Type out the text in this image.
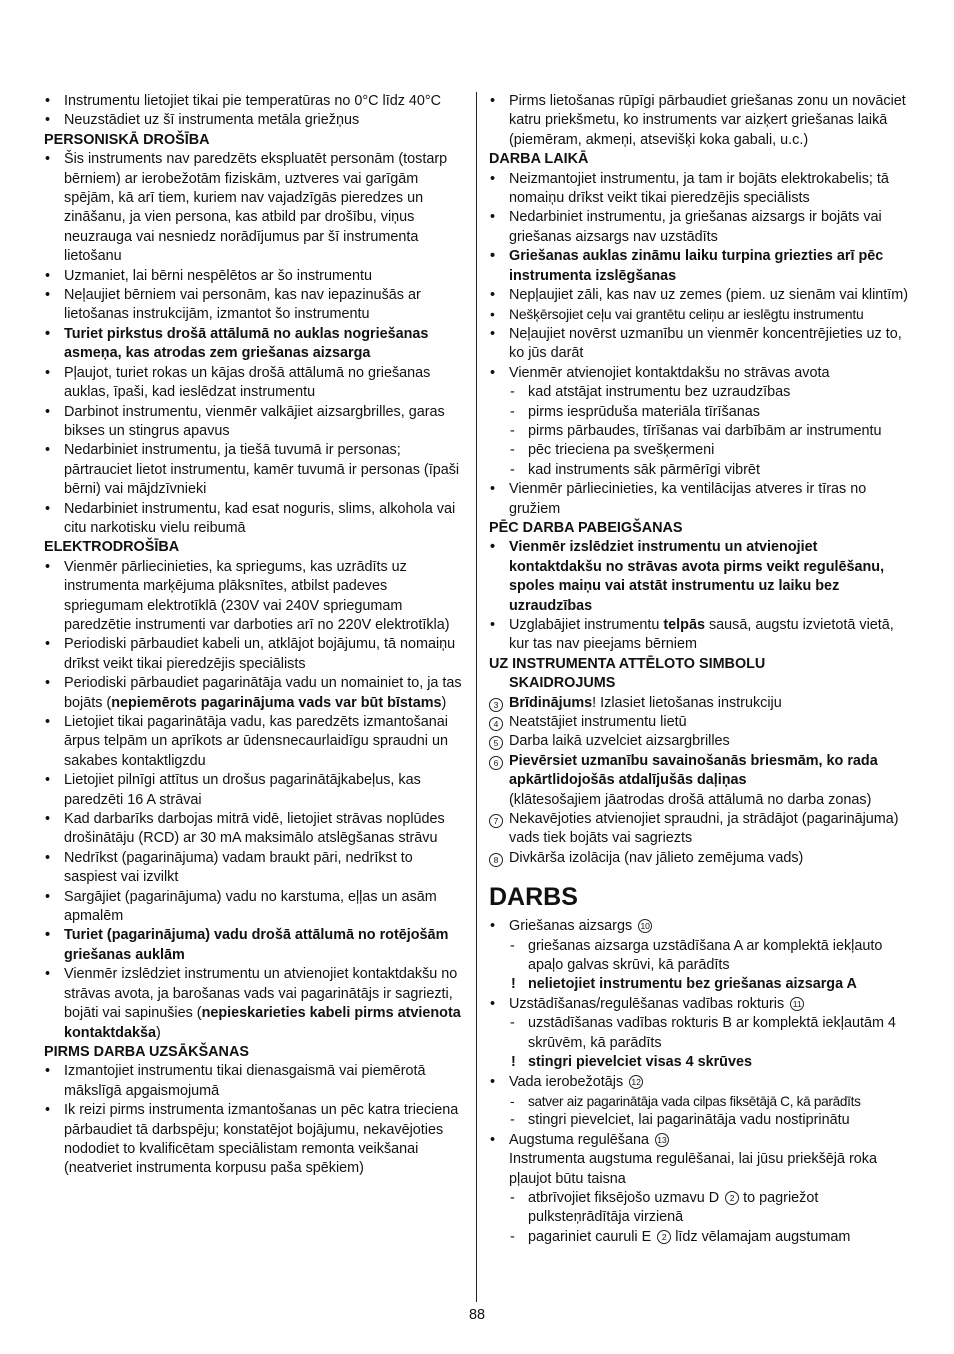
• Instrumentu lietojiet tikai pie temperatūras no 0°C līdz 40°C
• Neuzstādiet uz šī instrumenta metāla griežņus
PERSONISKĀ DROŠĪBA
• Šis instruments nav paredzēts ekspluatēt personām (tostarp bērniem) ar ierobežotām fiziskām, uztveres vai garīgām spējām, kā arī tiem, kuriem nav vajadzīgās pieredzes un zināšanu, ja vien persona, kas atbild par drošību, viņus neuzrauga vai nesniedz norādījumus par šī instrumenta lietošanu
• Uzmaniet, lai bērni nespēlētos ar šo instrumentu
• Neļaujiet bērniem vai personām, kas nav iepazinušās ar lietošanas instrukcijām, izmantot šo instrumentu
• Turiet pirkstus drošā attālumā no auklas nogriešanas asmeņa, kas atrodas zem griešanas aizsarga
• Pļaujot, turiet rokas un kājas drošā attālumā no griešanas auklas, īpaši, kad ieslēdzat instrumentu
• Darbinot instrumentu, vienmēr valkājiet aizsargbrilles, garas bikses un stingrus apavus
• Nedarbiniet instrumentu, ja tiešā tuvumā ir personas; pārtrauciet lietot instrumentu, kamēr tuvumā ir personas (īpaši bērni) vai mājdzīvnieki
• Nedarbiniet instrumentu, kad esat noguris, slims, alkohola vai citu narkotisku vielu reibumā
ELEKTRODROŠĪBA
• Vienmēr pārliecinieties, ka spriegums, kas uzrādīts uz instrumenta marķējuma plāksnītes, atbilst padeves spriegumam elektrotīklā (230V vai 240V spriegumam paredzētie instrumenti var darboties arī no 220V elektrotīkla)
• Periodiski pārbaudiet kabeli un, atklājot bojājumu, tā nomaiņu drīkst veikt tikai pieredzējis speciālists
• Periodiski pārbaudiet pagarinātāja vadu un nomainiet to, ja tas bojāts (nepiemērots pagarinājuma vads var būt bīstams)
• Lietojiet tikai pagarinātāja vadu, kas paredzēts izmantošanai ārpus telpām un aprīkots ar ūdensnecaurlaidīgu spraudni un sakabes kontaktligzdu
• Lietojiet pilnīgi attītus un drošus pagarinātājkabeļus, kas paredzēti 16 A strāvai
• Kad darbarīks darbojas mitrā vidē, lietojiet strāvas noplūdes drošinātāju (RCD) ar 30 mA maksimālo atslēgšanas strāvu
• Nedrīkst (pagarinājuma) vadam braukt pāri, nedrīkst to saspiest vai izvilkt
• Sargājiet (pagarinājuma) vadu no karstuma, eļļas un asām apmalēm
• Turiet (pagarinājuma) vadu drošā attālumā no rotējošām griešanas auklām
• Vienmēr izslēdziet instrumentu un atvienojiet kontaktdakšu no strāvas avota, ja barošanas vads vai pagarinātājs ir sagriezti, bojāti vai sapinušies (nepieskarieties kabeli pirms atvienota kontaktdakša)
PIRMS DARBA UZSĀKŠANAS
• Izmantojiet instrumentu tikai dienasgaismā vai piemērotā mākslīgā apgaismojumā
• Ik reizi pirms instrumenta izmantošanas un pēc katra trieciena pārbaudiet tā darbspēju; konstatējot bojājumu, nekavējoties nododiet to kvalificētam speciālistam remonta veikšanai (neatveriet instrumenta korpusu paša spēkiem)
• Pirms lietošanas rūpīgi pārbaudiet griešanas zonu un novāciet katru priekšmetu, ko instruments var aizķert griešanas laikā (piemēram, akmeņi, atsevišķi koka gabali, u.c.)
DARBA LAIKĀ
• Neizmantojiet instrumentu, ja tam ir bojāts elektrokabelis; tā nomaiņu drīkst veikt tikai pieredzējis speciālists
• Nedarbiniet instrumentu, ja griešanas aizsargs ir bojāts vai griešanas aizsargs nav uzstādīts
• Griešanas auklas zināmu laiku turpina griezties arī pēc instrumenta izslēgšanas
• Nepļaujiet zāli, kas nav uz zemes (piem. uz sienām vai klintīm)
• Nešķērsojiet ceļu vai grantētu celiņu ar ieslēgtu instrumentu
• Neļaujiet novērst uzmanību un vienmēr koncentrējieties uz to, ko jūs darāt
• Vienmēr atvienojiet kontaktdakšu no strāvas avota
- kad atstājat instrumentu bez uzraudzības
- pirms iesprūduša materiāla tīrīšanas
- pirms pārbaudes, tīrīšanas vai darbībām ar instrumentu
- pēc trieciena pa svešķermeni
- kad instruments sāk pārmērīgi vibrēt
• Vienmēr pārliecinieties, ka ventilācijas atveres ir tīras no gružiem
PĒC DARBA PABEIGŠANAS
• Vienmēr izslēdziet instrumentu un atvienojiet kontaktdakšu no strāvas avota pirms veikt regulēšanu, spoles maiņu vai atstāt instrumentu uz laiku bez uzraudzības
• Uzglabājiet instrumentu telpās sausā, augstu izvietotā vietā, kur tas nav pieejams bērniem
UZ INSTRUMENTA ATTĒLOTO SIMBOLU
SKAIDROJUMS
3 Brīdinājums! Izlasiet lietošanas instrukciju
4 Neatstājiet instrumentu lietū
5 Darba laikā uzvelciet aizsargbrilles
6 Pievērsiet uzmanību savainošanās briesmām, ko rada apkārtlidojošās atdalījušās daļiņas
(klātesošajiem jāatrodas drošā attālumā no darba zonas)
7 Nekavējoties atvienojiet spraudni, ja strādājot (pagarinājuma) vads tiek bojāts vai sagriezts
8 Divkārša izolācija (nav jālieto zemējuma vads)
DARBS
• Griešanas aizsargs 10
- griešanas aizsarga uzstādīšana A ar komplektā iekļauto apaļo galvas skrūvi, kā parādīts
! nelietojiet instrumentu bez griešanas aizsarga A
• Uzstādīšanas/regulēšanas vadības rokturis 11
- uzstādīšanas vadības rokturis B ar komplektā iekļautām 4 skrūvēm, kā parādīts
! stingri pievelciet visas 4 skrūves
• Vada ierobežotājs 12
- satver aiz pagarinātāja vada cilpas fiksētājā C, kā parādīts
- stingri pievelciet, lai pagarinātāja vadu nostiprinātu
• Augstuma regulēšana 13
Instrumenta augstuma regulēšanai, lai jūsu priekšējā roka pļaujot būtu taisna
- atbrīvojiet fiksējošo uzmavu D 2 to pagriežot pulksteņrādītāja virzienā
- pagariniet cauruli E 2 līdz vēlamajam augstumam
88
